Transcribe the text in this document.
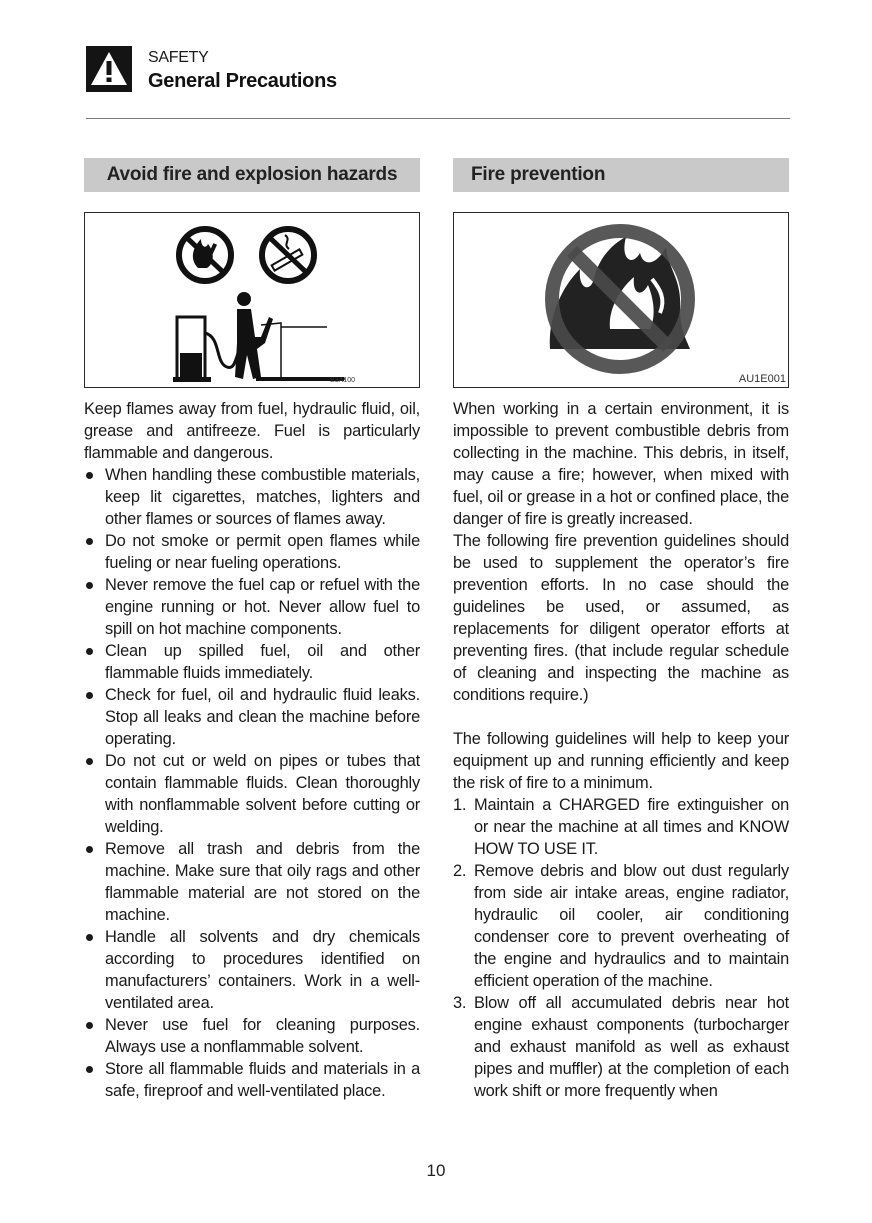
SAFETY
General Precautions
Avoid fire and explosion hazards
E3A100

Keep flames away from fuel, hydraulic fluid, oil, grease and antifreeze. Fuel is particularly flammable and dangerous.

When handling these combustible materials, keep lit cigarettes, matches, lighters and other flames or sources of flames away.
Do not smoke or permit open flames while fueling or near fueling operations.
Never remove the fuel cap or refuel with the engine running or hot. Never allow fuel to spill on hot machine components.
Clean up spilled fuel, oil and other flammable fluids immediately.
Check for fuel, oil and hydraulic fluid leaks. Stop all leaks and clean the machine before operating.
Do not cut or weld on pipes or tubes that contain flammable fluids. Clean thoroughly with nonflammable solvent before cutting or welding.
Remove all trash and debris from the machine. Make sure that oily rags and other flammable material are not stored on the machine.
Handle all solvents and dry chemicals according to procedures identified on manufacturers’ containers. Work in a well-ventilated area.
Never use fuel for cleaning purposes. Always use a nonflammable solvent.
Store all flammable fluids and materials in a safe, fireproof and well-ventilated place.
Fire prevention
AU1E001

When working in a certain environment, it is impossible to prevent combustible debris from collecting in the machine. This debris, in itself, may cause a fire; however, when mixed with fuel, oil or grease in a hot or confined place, the danger of fire is greatly increased.

The following fire prevention guidelines should be used to supplement the operator’s fire prevention efforts. In no case should the guidelines be used, or assumed, as replacements for diligent operator efforts at preventing fires. (that include regular schedule of cleaning and inspecting the machine as conditions require.)

The following guidelines will help to keep your equipment up and running efficiently and keep the risk of fire to a minimum.

1. Maintain a CHARGED fire extinguisher on or near the machine at all times and KNOW HOW TO USE IT.
2. Remove debris and blow out dust regularly from side air intake areas, engine radiator, hydraulic oil cooler, air conditioning condenser core to prevent overheating of the engine and hydraulics and to maintain efficient operation of the machine.
3. Blow off all accumulated debris near hot engine exhaust components (turbocharger and exhaust manifold as well as exhaust pipes and muffler) at the completion of each work shift or more frequently when
10
